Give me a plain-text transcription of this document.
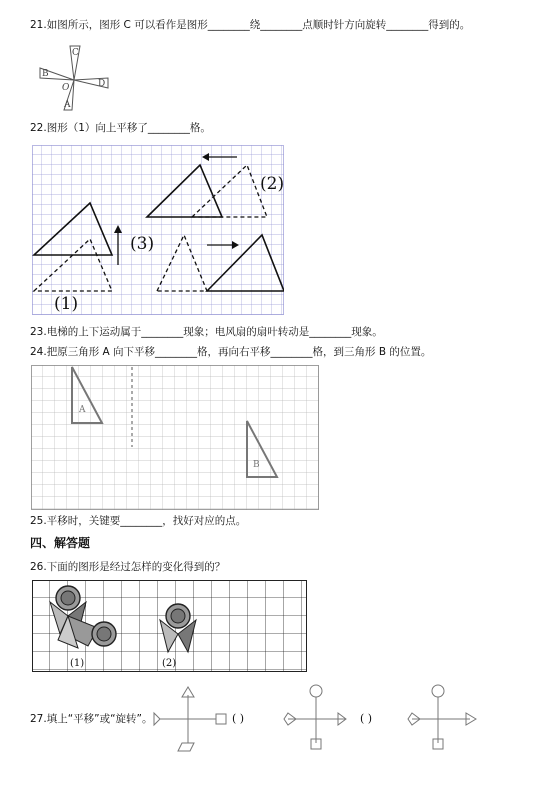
21.如图所示，图形 C 可以看作是图形________绕________点顺时针方向旋转________得到的。
B
C
D
O
A
22.图形（1）向上平移了________格。
(2)
(3)
(1)
23.电梯的上下运动属于________现象；电风扇的扇叶转动是________现象。
24.把原三角形 A 向下平移________格，再向右平移________格，到三角形 B 的位置。
A
B
25.平移时，关键要________，找好对应的点。
四、解答题
26.下面的图形是经过怎样的变化得到的？
(1)	(2)
27.填上“平移”或“旋转”。	( )	( )
